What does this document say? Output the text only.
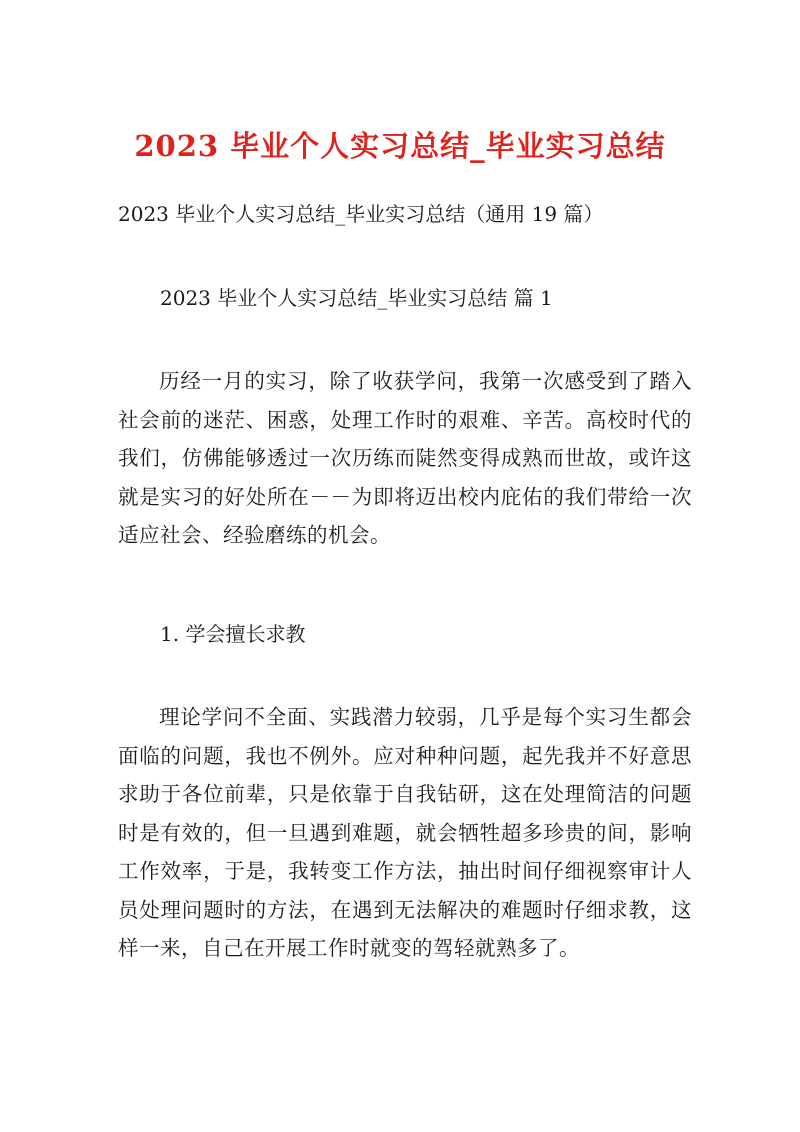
2023 毕业个人实习总结_毕业实习总结

2023 毕业个人实习总结_毕业实习总结（通用 19 篇）

2023 毕业个人实习总结_毕业实习总结 篇 1

历经一月的实习，除了收获学问，我第一次感受到了踏入社会前的迷茫、困惑，处理工作时的艰难、辛苦。高校时代的我们，仿佛能够透过一次历练而陡然变得成熟而世故，或许这就是实习的好处所在－－为即将迈出校内庇佑的我们带给一次适应社会、经验磨练的机会。

1. 学会擅长求教

理论学问不全面、实践潜力较弱，几乎是每个实习生都会面临的问题，我也不例外。应对种种问题，起先我并不好意思求助于各位前辈，只是依靠于自我钻研，这在处理简洁的问题时是有效的，但一旦遇到难题，就会牺牲超多珍贵的间，影响工作效率，于是，我转变工作方法，抽出时间仔细视察审计人员处理问题时的方法，在遇到无法解决的难题时仔细求教，这样一来，自己在开展工作时就变的驾轻就熟多了。
